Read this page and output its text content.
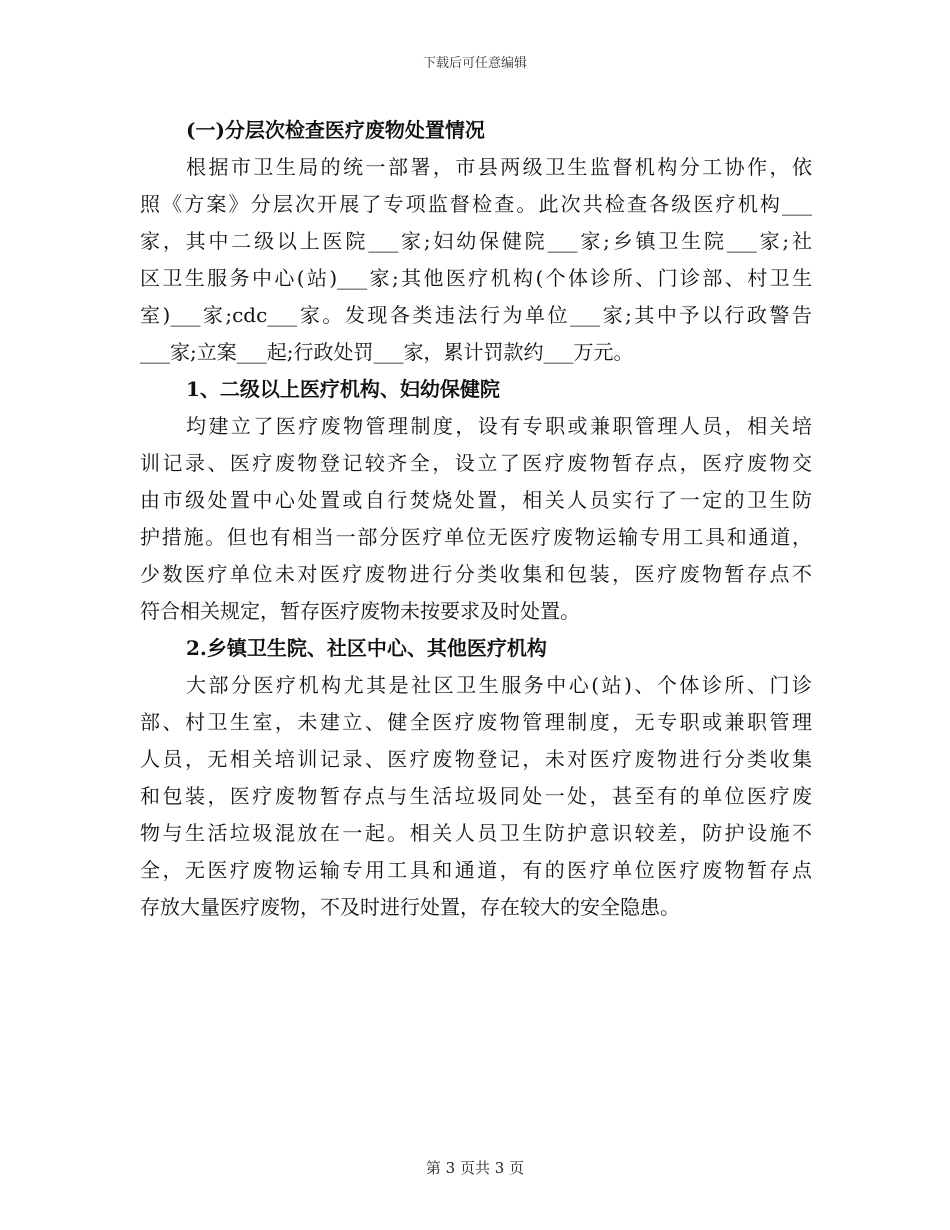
下载后可任意编辑
(一)分层次检查医疗废物处置情况
根据市卫生局的统一部署，市县两级卫生监督机构分工协作，依
照《方案》分层次开展了专项监督检查。此次共检查各级医疗机构___
家，其中二级以上医院___家;妇幼保健院___家;乡镇卫生院___家;社
区卫生服务中心(站)___家;其他医疗机构(个体诊所、门诊部、村卫生
室)___家;cdc___家。发现各类违法行为单位___家;其中予以行政警告
___家;立案___起;行政处罚___家，累计罚款约___万元。
1、二级以上医疗机构、妇幼保健院
均建立了医疗废物管理制度，设有专职或兼职管理人员，相关培
训记录、医疗废物登记较齐全，设立了医疗废物暂存点，医疗废物交
由市级处置中心处置或自行焚烧处置，相关人员实行了一定的卫生防
护措施。但也有相当一部分医疗单位无医疗废物运输专用工具和通道，
少数医疗单位未对医疗废物进行分类收集和包装，医疗废物暂存点不
符合相关规定，暂存医疗废物未按要求及时处置。
2.乡镇卫生院、社区中心、其他医疗机构
大部分医疗机构尤其是社区卫生服务中心(站)、个体诊所、门诊
部、村卫生室，未建立、健全医疗废物管理制度，无专职或兼职管理
人员，无相关培训记录、医疗废物登记，未对医疗废物进行分类收集
和包装，医疗废物暂存点与生活垃圾同处一处，甚至有的单位医疗废
物与生活垃圾混放在一起。相关人员卫生防护意识较差，防护设施不
全，无医疗废物运输专用工具和通道，有的医疗单位医疗废物暂存点
存放大量医疗废物，不及时进行处置，存在较大的安全隐患。
第 3 页共 3 页
